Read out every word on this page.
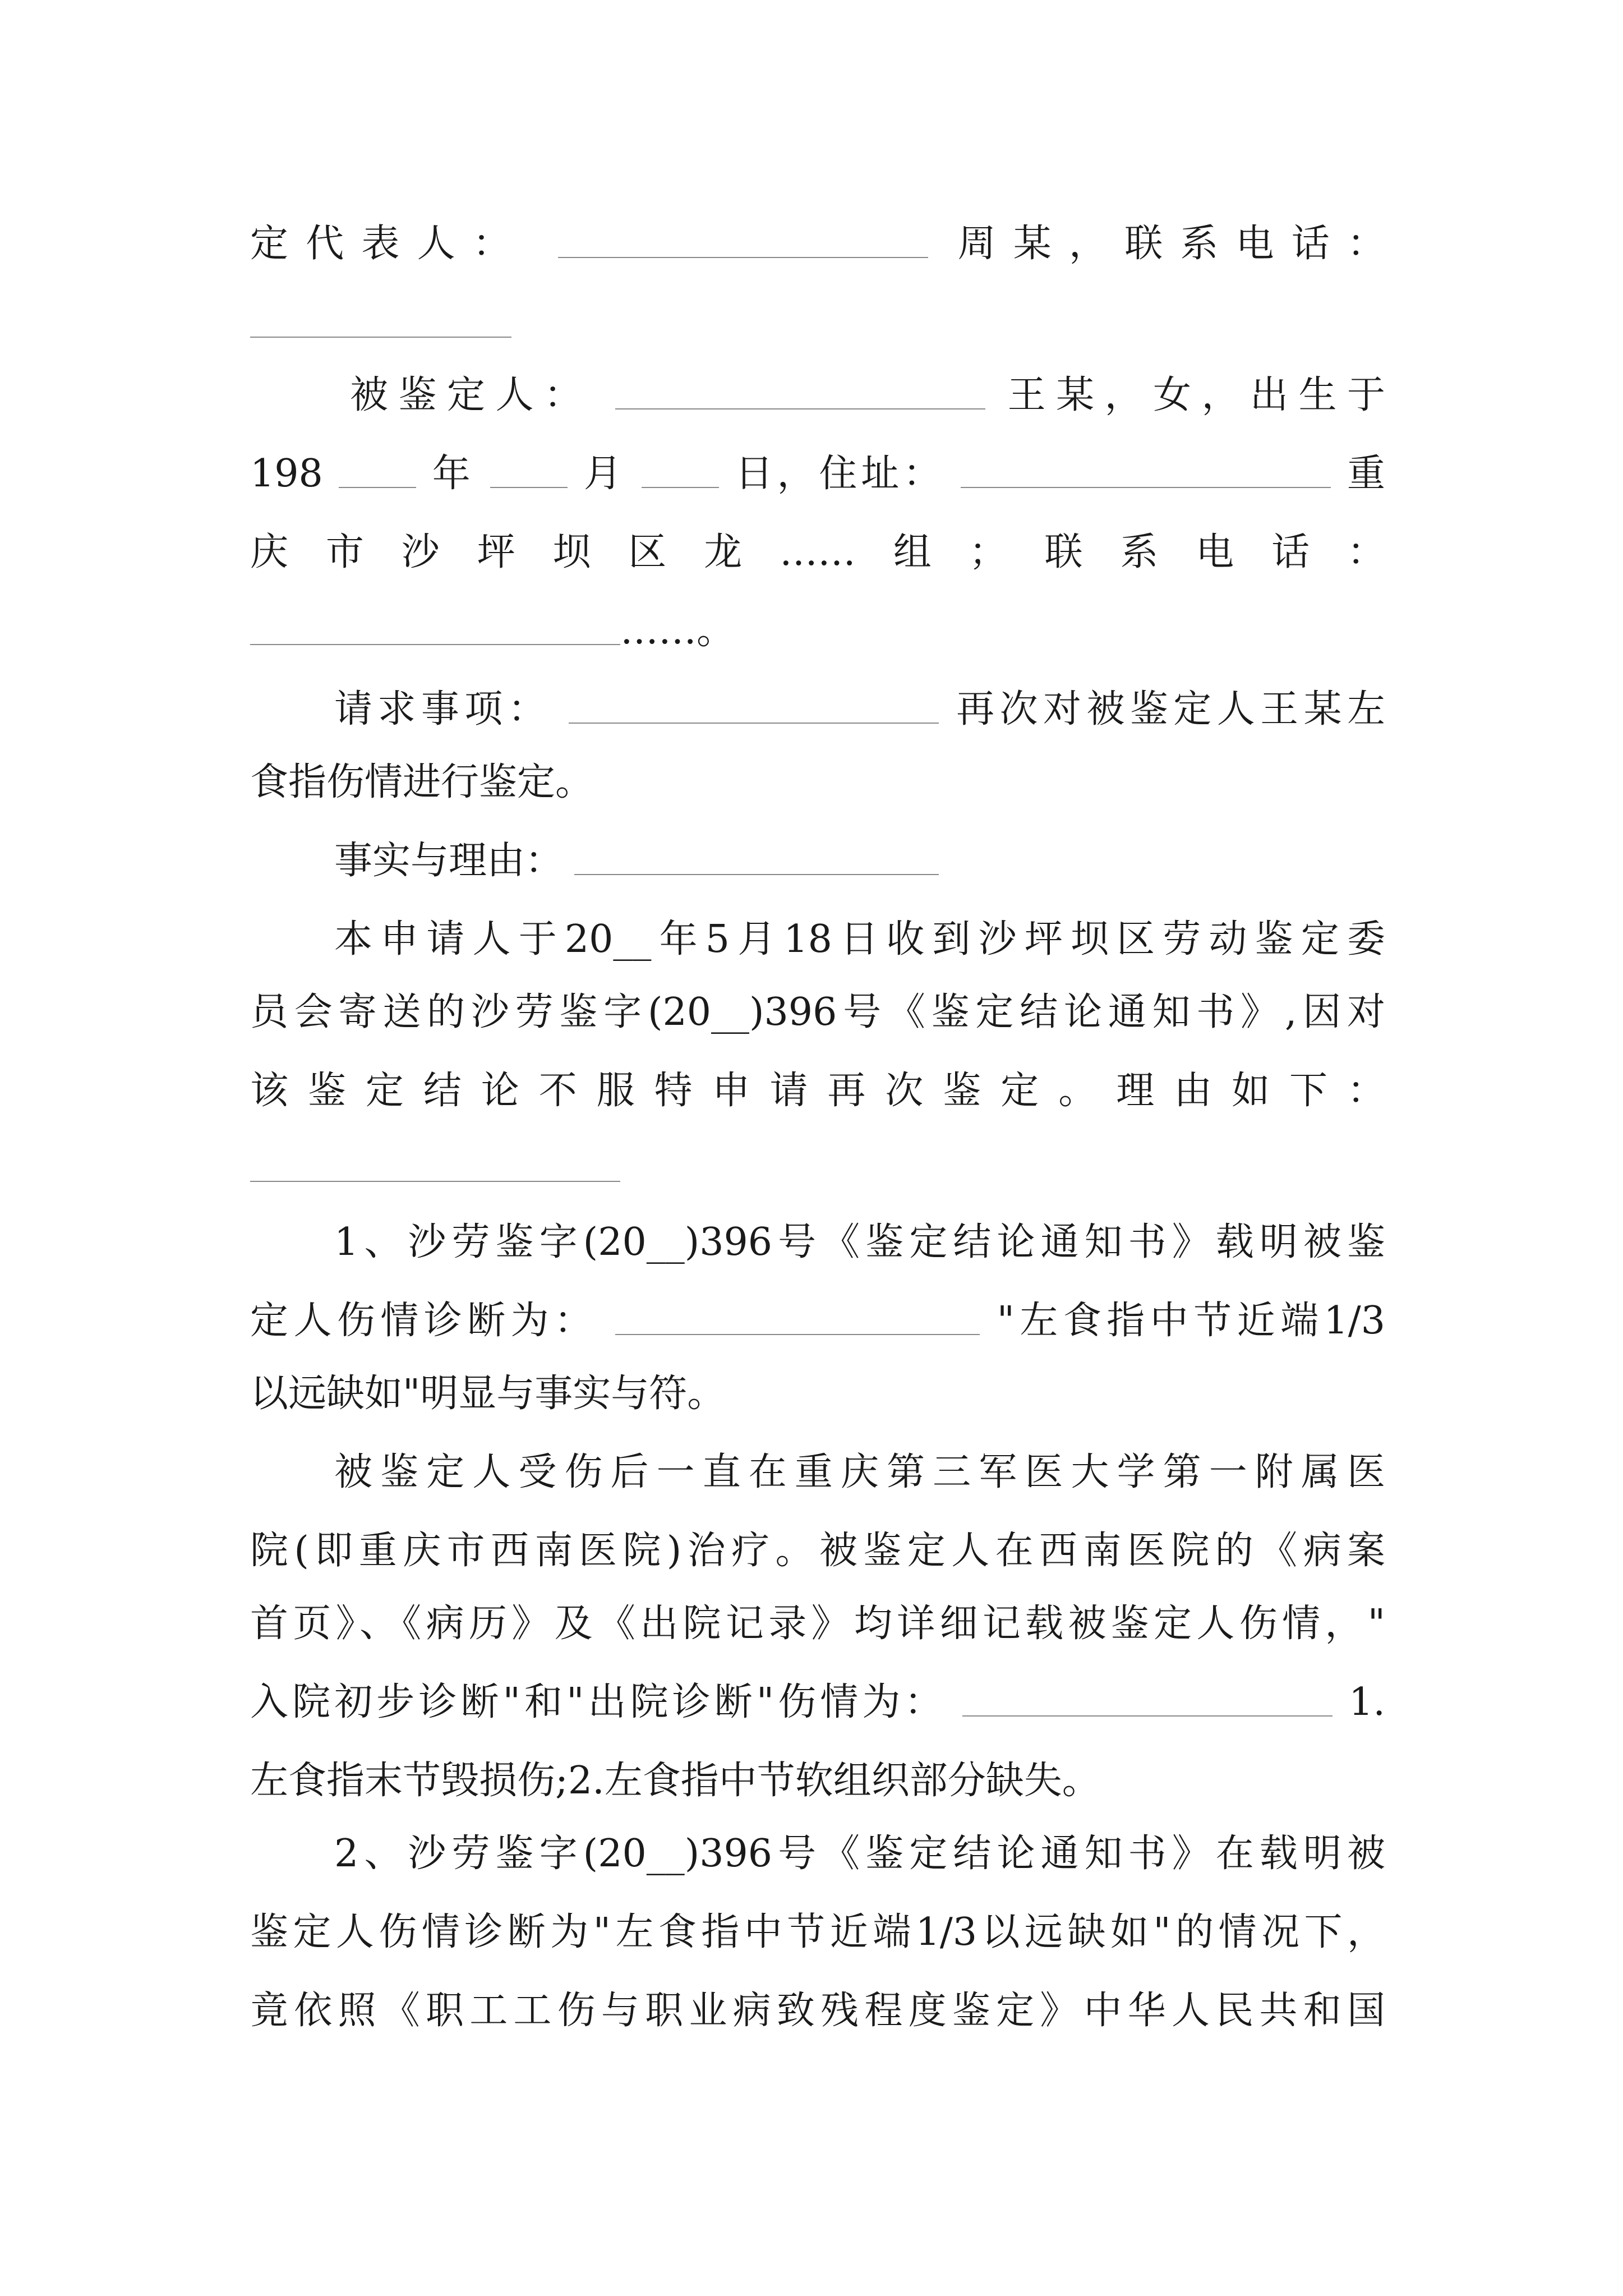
定代表人：	周某，联系电话：
被鉴定人：	王某，女，出生于
198	年	月	日，住址：	重
庆市沙坪坝区龙……组；联系电话：
……。
请求事项：	再次对被鉴定人王某左
食指伤情进行鉴定。
事实与理由：
本申请人于20__年5月18日收到沙坪坝区劳动鉴定委
员会寄送的沙劳鉴字(20__)396号《鉴定结论通知书》,因对
该鉴定结论不服特申请再次鉴定。理由如下：
1、沙劳鉴字(20__)396号《鉴定结论通知书》载明被鉴
定人伤情诊断为：	"左食指中节近端1/3
以远缺如"明显与事实与符。
被鉴定人受伤后一直在重庆第三军医大学第一附属医
院(即重庆市西南医院)治疗。被鉴定人在西南医院的《病案
首页》、《病历》及《出院记录》均详细记载被鉴定人伤情，"
入院初步诊断"和"出院诊断"伤情为：	1.
左食指末节毁损伤;2.左食指中节软组织部分缺失。
2、沙劳鉴字(20__)396号《鉴定结论通知书》在载明被
鉴定人伤情诊断为"左食指中节近端1/3以远缺如"的情况下，
竟依照《职工工伤与职业病致残程度鉴定》中华人民共和国
